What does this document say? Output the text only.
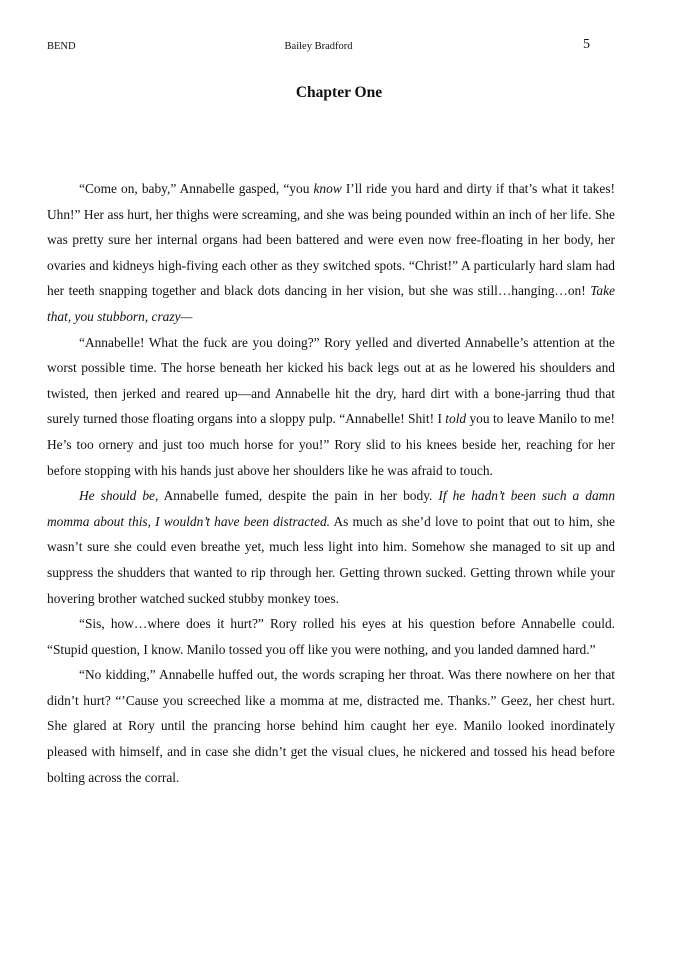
BEND	Bailey Bradford	5
Chapter One

“Come on, baby,” Annabelle gasped, “you know I’ll ride you hard and dirty if that’s what it takes! Uhn!” Her ass hurt, her thighs were screaming, and she was being pounded within an inch of her life. She was pretty sure her internal organs had been battered and were even now free-floating in her body, her ovaries and kidneys high-fiving each other as they switched spots. “Christ!” A particularly hard slam had her teeth snapping together and black dots dancing in her vision, but she was still…hanging…on! Take that, you stubborn, crazy—

“Annabelle! What the fuck are you doing?” Rory yelled and diverted Annabelle’s attention at the worst possible time. The horse beneath her kicked his back legs out at as he lowered his shoulders and twisted, then jerked and reared up—and Annabelle hit the dry, hard dirt with a bone-jarring thud that surely turned those floating organs into a sloppy pulp. “Annabelle! Shit! I told you to leave Manilo to me! He’s too ornery and just too much horse for you!” Rory slid to his knees beside her, reaching for her before stopping with his hands just above her shoulders like he was afraid to touch.

He should be, Annabelle fumed, despite the pain in her body. If he hadn’t been such a damn momma about this, I wouldn’t have been distracted. As much as she’d love to point that out to him, she wasn’t sure she could even breathe yet, much less light into him. Somehow she managed to sit up and suppress the shudders that wanted to rip through her. Getting thrown sucked. Getting thrown while your hovering brother watched sucked stubby monkey toes.

“Sis, how…where does it hurt?” Rory rolled his eyes at his question before Annabelle could. “Stupid question, I know. Manilo tossed you off like you were nothing, and you landed damned hard.”

“No kidding,” Annabelle huffed out, the words scraping her throat. Was there nowhere on her that didn’t hurt? “’Cause you screeched like a momma at me, distracted me. Thanks.” Geez, her chest hurt. She glared at Rory until the prancing horse behind him caught her eye. Manilo looked inordinately pleased with himself, and in case she didn’t get the visual clues, he nickered and tossed his head before bolting across the corral.
